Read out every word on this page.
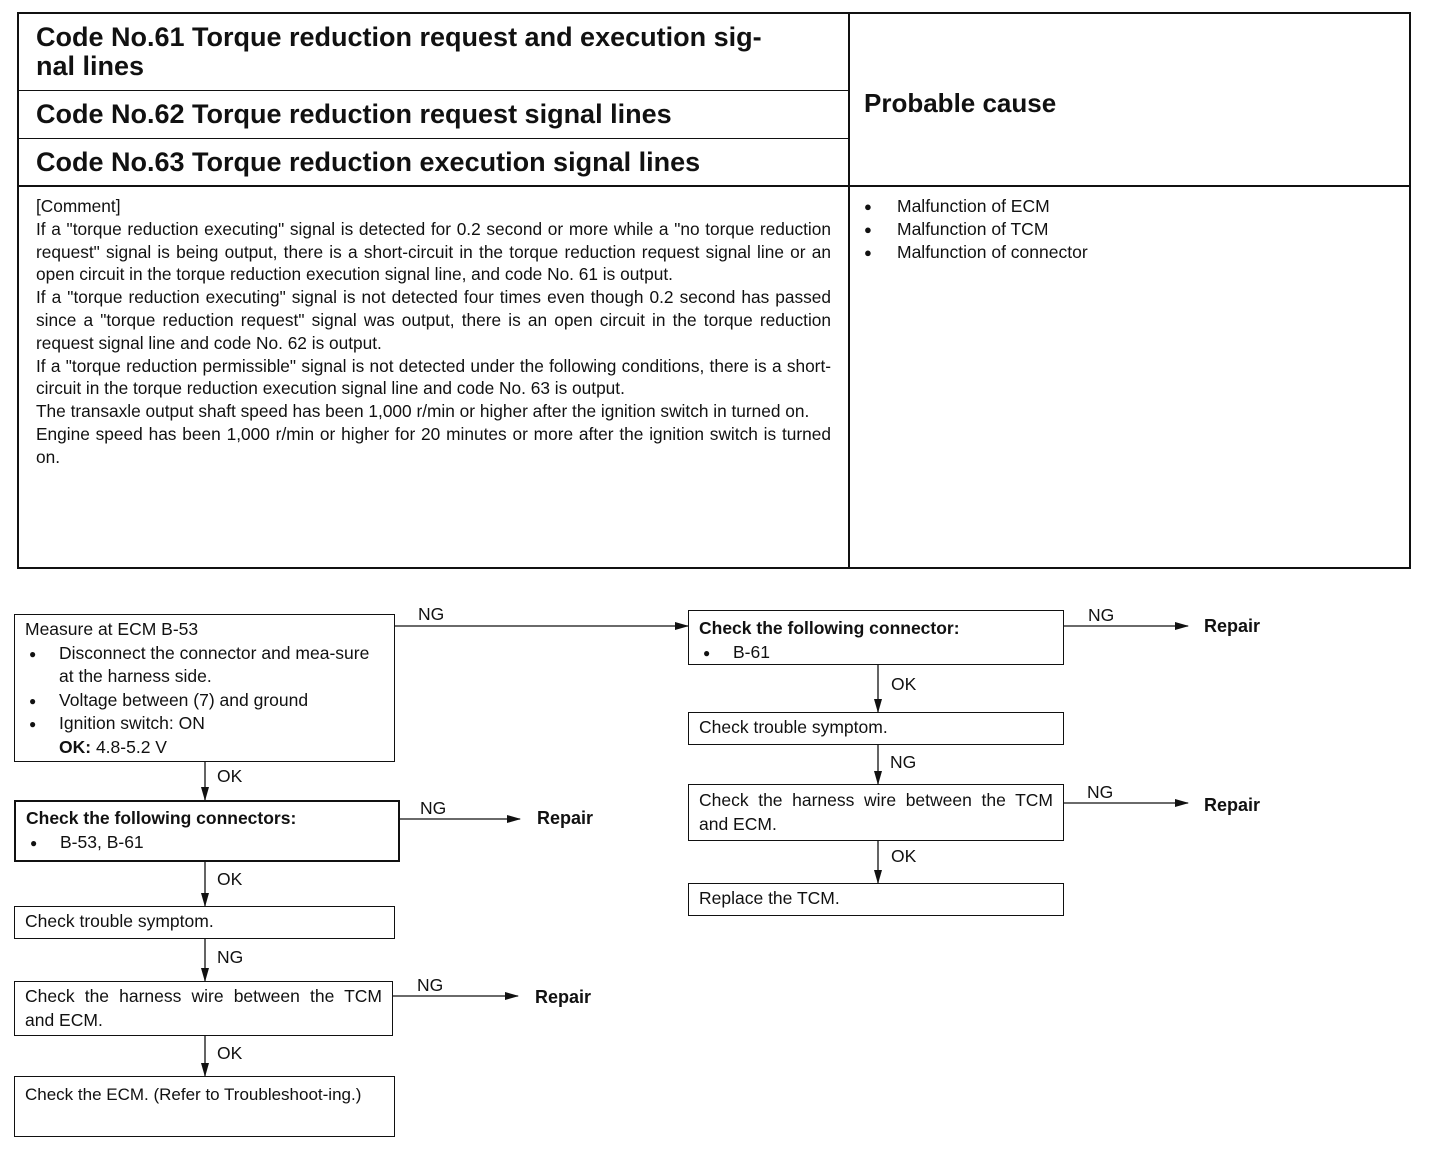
Code No.61 Torque reduction request and execution sig-
nal lines
Code No.62 Torque reduction request signal lines
Code No.63 Torque reduction execution signal lines
Probable cause

[Comment]

If a "torque reduction executing" signal is detected for 0.2 second or more while a "no torque reduction request" signal is being output, there is a short-circuit in the torque reduction request signal line or an open circuit in the torque reduction execution signal line, and code No. 61 is output.

If a "torque reduction executing" signal is not detected four times even though 0.2 second has passed since a "torque reduction request" signal was output, there is an open circuit in the torque reduction request signal line and code No. 62 is output.

If a "torque reduction permissible" signal is not detected under the following conditions, there is a short-circuit in the torque reduction execution signal line and code No. 63 is output.

The transaxle output shaft speed has been 1,000 r/min or higher after the ignition switch in turned on.

Engine speed has been 1,000 r/min or higher for 20 minutes or more after the ignition switch is turned on.

● Malfunction of ECM
● Malfunction of TCM
● Malfunction of connector
Measure at ECM B-53
● Disconnect the connector and mea-sure at the harness side.
● Voltage between (7) and ground
● Ignition switch: ON
OK: 4.8-5.2 V
Check the following connectors:
● B-53, B-61
Check trouble symptom.
Check the harness wire between the TCM and ECM.
Check the ECM. (Refer to Troubleshoot-ing.)
NG
OK
NG	Repair
OK
NG
NG
Repair
OK
Check the following connector:
● B-61
Check trouble symptom.
Check the harness wire between the TCM and ECM.
Replace the TCM.
NG
Repair
OK
NG
NG
Repair
OK
